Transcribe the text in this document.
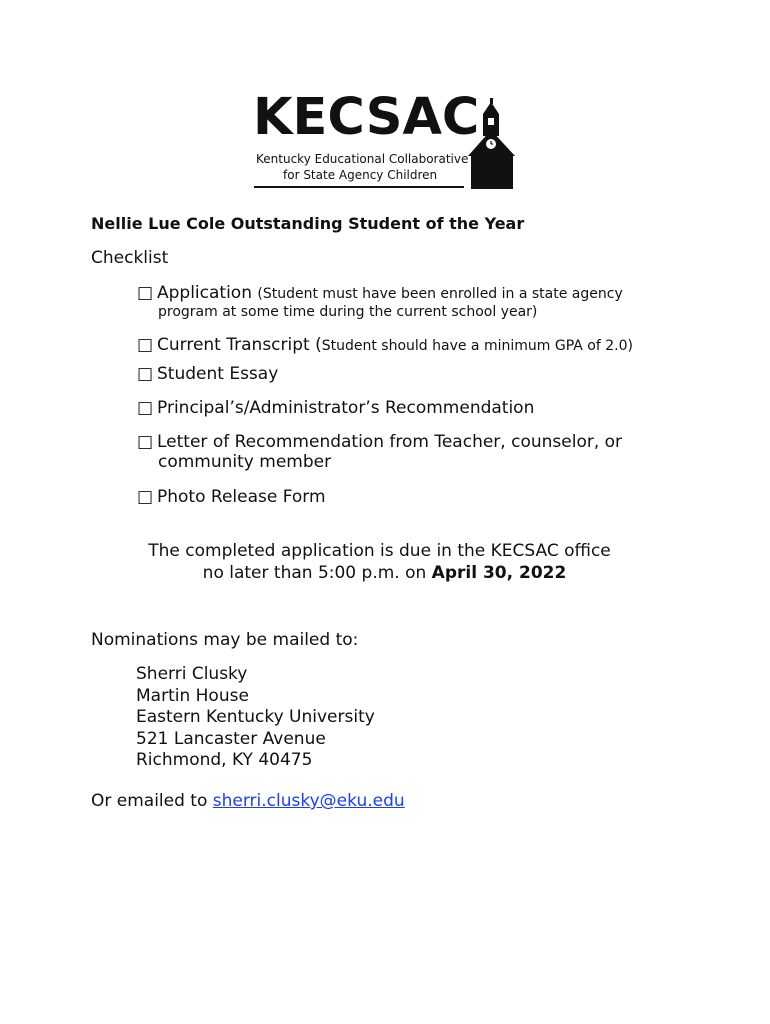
KECSAC
Kentucky Educational Collaborative
for State Agency Children
Nellie Lue Cole Outstanding Student of the Year
Checklist
□ Application (Student must have been enrolled in a state agency
program at some time during the current school year)
□ Current Transcript (Student should have a minimum GPA of 2.0)
□ Student Essay
□ Principal’s/Administrator’s Recommendation
□ Letter of Recommendation from Teacher, counselor, or
community member
□ Photo Release Form
The completed application is due in the KECSAC office
no later than 5:00 p.m. on April 30, 2022
Nominations may be mailed to:
Sherri Clusky
Martin House
Eastern Kentucky University
521 Lancaster Avenue
Richmond, KY 40475
Or emailed to sherri.clusky@eku.edu
